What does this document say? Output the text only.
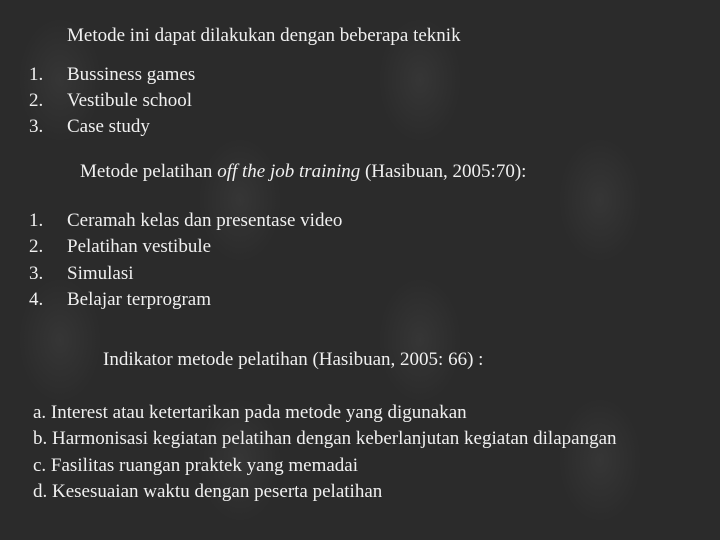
Metode ini dapat dilakukan dengan beberapa teknik
1. Bussiness games
2. Vestibule school
3. Case study
Metode pelatihan off the job training (Hasibuan, 2005:70):
1. Ceramah kelas dan presentase video
2. Pelatihan vestibule
3. Simulasi
4. Belajar terprogram
Indikator metode pelatihan (Hasibuan, 2005: 66) :
a. Interest atau ketertarikan pada metode yang digunakan
b. Harmonisasi kegiatan pelatihan dengan keberlanjutan kegiatan dilapangan
c. Fasilitas ruangan praktek yang memadai
d. Kesesuaian waktu dengan peserta pelatihan
